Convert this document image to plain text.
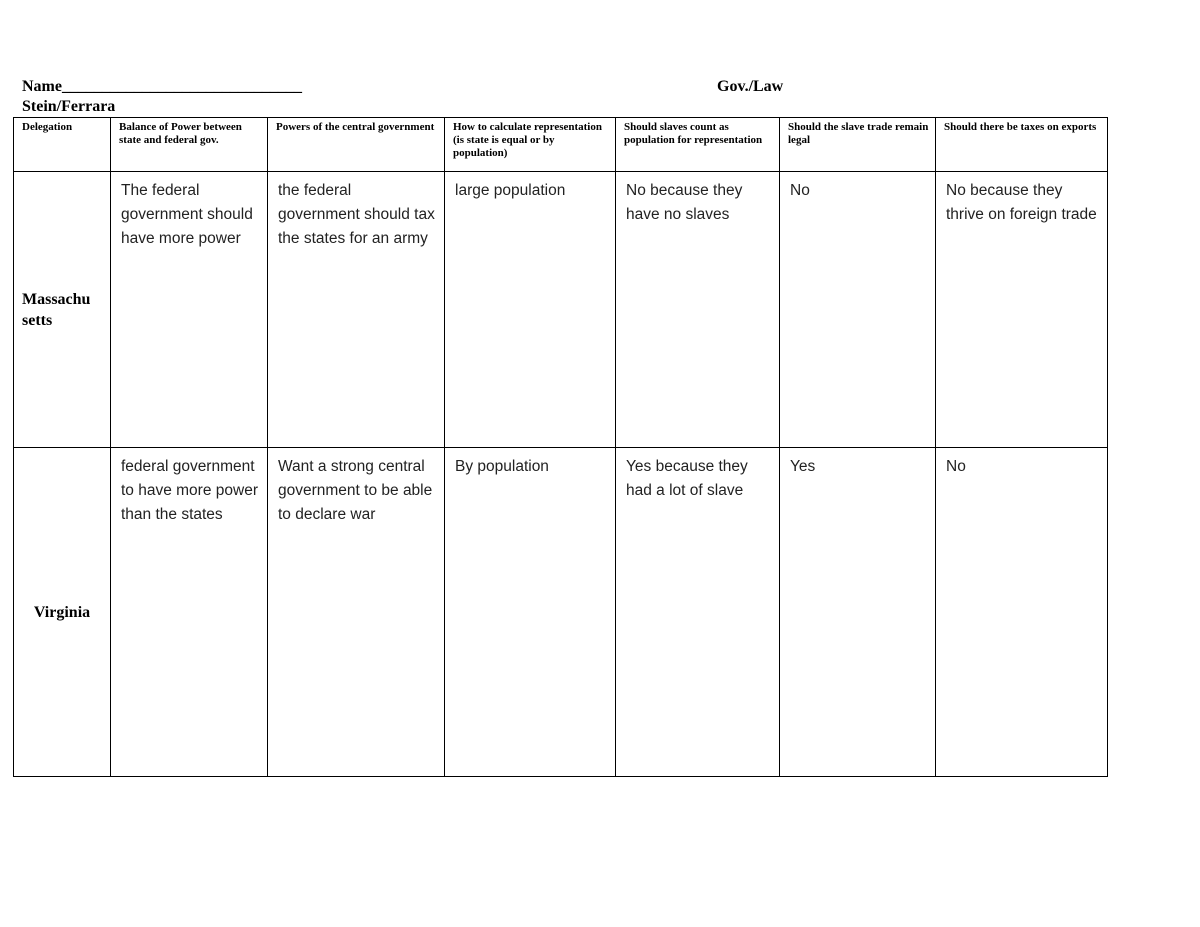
Name______________________________	Gov./Law
Stein/Ferrara
Delegation	Balance of Power between state and federal gov.	Powers of the central government	How to calculate representation (is state is equal or by population)	Should slaves count as population for representation	Should the slave trade remain legal	Should there be taxes on exports
Massachu setts	The federal government should have more power	the federal government should tax the states for an army	large population	No because they have no slaves	No	No because they thrive on foreign trade
Virginia	federal government to have more power than the states	Want a strong central government to be able to declare war	By population	Yes because they had a lot of slave	Yes	No
